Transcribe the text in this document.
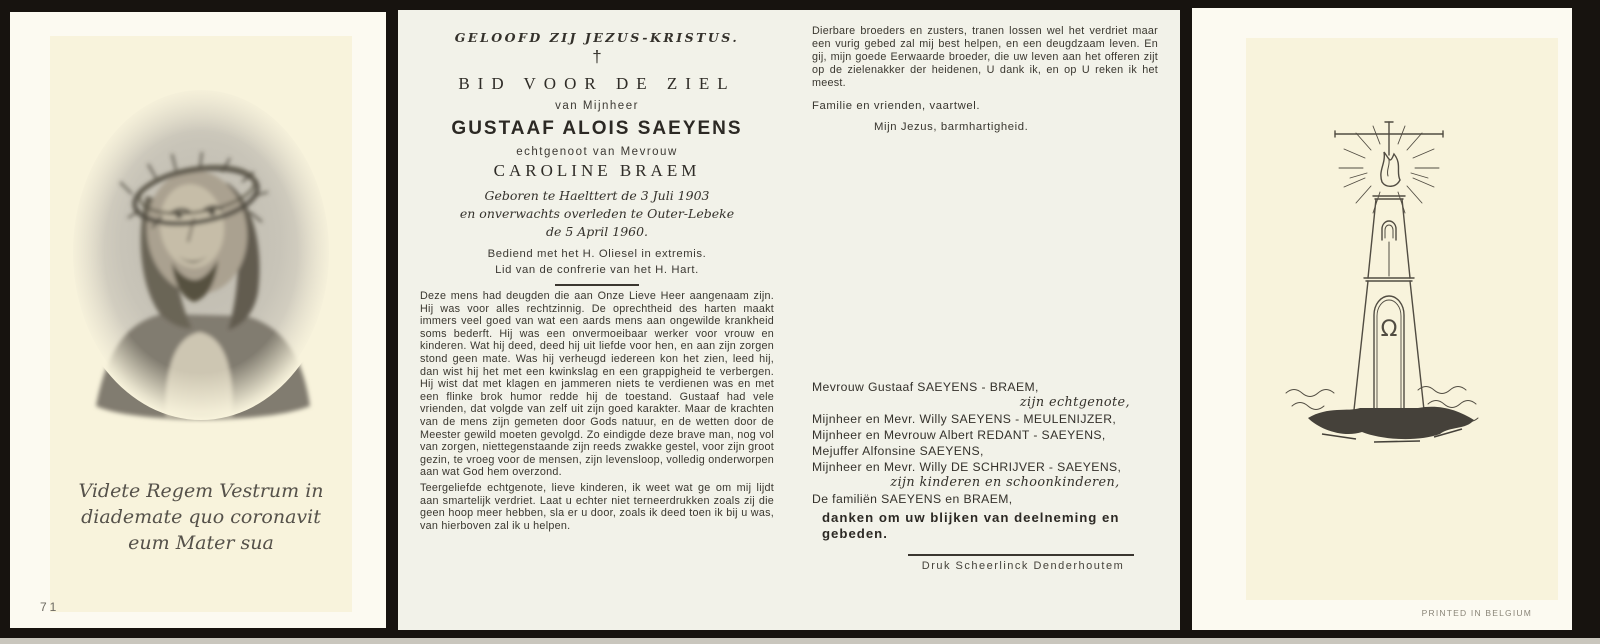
Videte Regem Vestrum in
diademate quo coronavit
eum Mater sua
71
GELOOFD ZIJ JEZUS-KRISTUS.
†
BID VOOR DE ZIEL
van Mijnheer
GUSTAAF ALOIS SAEYENS
echtgenoot van Mevrouw
CAROLINE BRAEM
Geboren te Haelttert de 3 Juli 1903
en onverwachts overleden te Outer-Lebeke
de 5 April 1960.
Bediend met het H. Oliesel in extremis.
Lid van de confrerie van het H. Hart.
Deze mens had deugden die aan Onze Lieve Heer aangenaam zijn. Hij was voor alles rechtzinnig. De oprechtheid des harten maakt immers veel goed van wat een aards mens aan ongewilde krankheid soms bederft. Hij was een onvermoeibaar werker voor vrouw en kinderen. Wat hij deed, deed hij uit liefde voor hen, en aan zijn zorgen stond geen mate. Was hij verheugd iedereen kon het zien, leed hij, dan wist hij het met een kwinkslag en een grappigheid te verbergen. Hij wist dat met klagen en jammeren niets te verdienen was en met een flinke brok humor redde hij de toestand. Gustaaf had vele vrienden, dat volgde van zelf uit zijn goed karakter. Maar de krachten van de mens zijn gemeten door Gods natuur, en de wetten door de Meester gewild moeten gevolgd. Zo eindigde deze brave man, nog vol van zorgen, niettegenstaande zijn reeds zwakke gestel, voor zijn groot gezin, te vroeg voor de mensen, zijn levensloop, volledig onderworpen aan wat God hem overzond.
Teergeliefde echtgenote, lieve kinderen, ik weet wat ge om mij lijdt aan smartelijk verdriet. Laat u echter niet terneerdrukken zoals zij die geen hoop meer hebben, sla er u door, zoals ik deed toen ik bij u was, van hierboven zal ik u helpen.
Dierbare broeders en zusters, tranen lossen wel het verdriet maar een vurig gebed zal mij best helpen, en een deugdzaam leven. En gij, mijn goede Eerwaarde broeder, die uw leven aan het offeren zijt op de zielenakker der heidenen, U dank ik, en op U reken ik het meest.
Familie en vrienden, vaartwel.
Mijn Jezus, barmhartigheid.
Mevrouw Gustaaf SAEYENS - BRAEM,
zijn echtgenote,
Mijnheer en Mevr. Willy SAEYENS - MEULENIJZER,
Mijnheer en Mevrouw Albert REDANT - SAEYENS,
Mejuffer Alfonsine SAEYENS,
Mijnheer en Mevr. Willy DE SCHRIJVER - SAEYENS,
zijn kinderen en schoonkinderen,
De familiën SAEYENS en BRAEM,
danken om uw blijken van deelneming en gebeden.
Druk Scheerlinck Denderhoutem
Ω
PRINTED IN BELGIUM
